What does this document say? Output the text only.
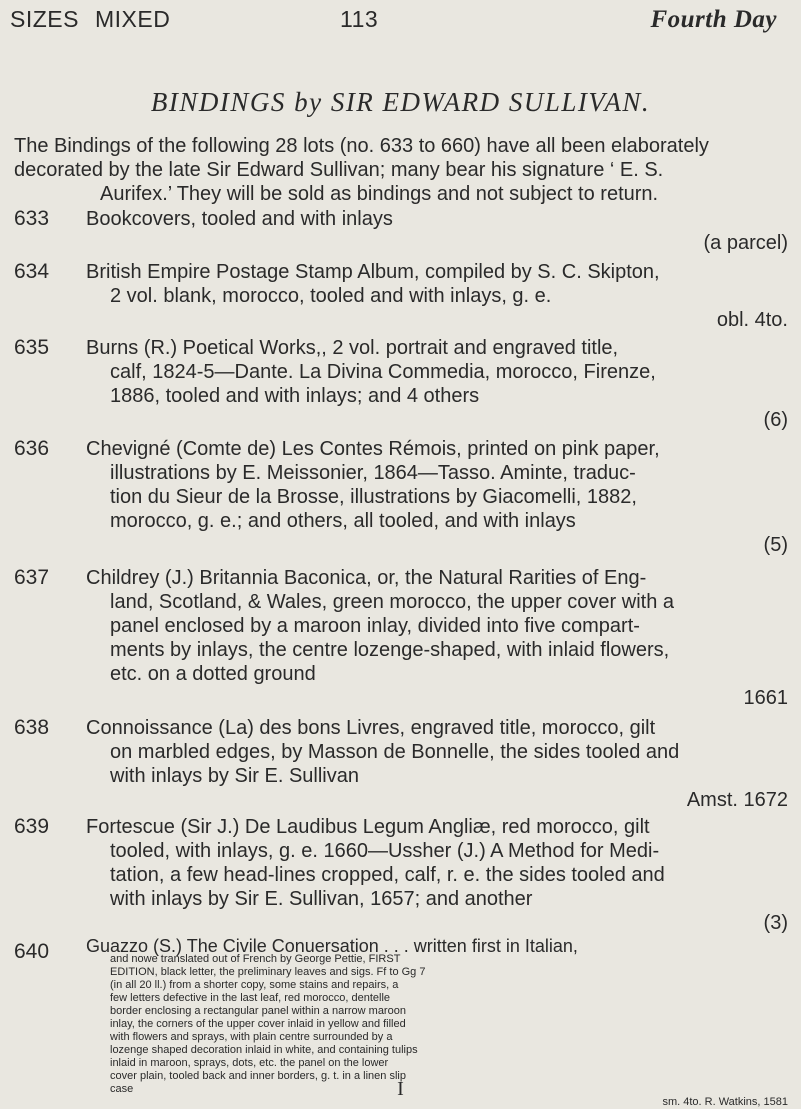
SIZES MIXED	113	Fourth Day
BINDINGS by SIR EDWARD SULLIVAN.
The Bindings of the following 28 lots (no. 633 to 660) have all been elaborately
decorated by the late Sir Edward Sullivan; many bear his signature ‘ E. S.
Aurifex.’ They will be sold as bindings and not subject to return.
633	Bookcovers, tooled and with inlays
(a parcel)
634	British Empire Postage Stamp Album, compiled by S. C. Skipton,
2 vol. blank, morocco, tooled and with inlays, g. e.
obl. 4to.
635	Burns (R.) Poetical Works,, 2 vol. portrait and engraved title,
calf, 1824-5—Dante. La Divina Commedia, morocco, Firenze,
1886, tooled and with inlays; and 4 others
(6)
636	Chevigné (Comte de) Les Contes Rémois, printed on pink paper,
illustrations by E. Meissonier, 1864—Tasso. Aminte, traduc-
tion du Sieur de la Brosse, illustrations by Giacomelli, 1882,
morocco, g. e.; and others, all tooled, and with inlays
(5)
637	Childrey (J.) Britannia Baconica, or, the Natural Rarities of Eng-
land, Scotland, & Wales, green morocco, the upper cover with a
panel enclosed by a maroon inlay, divided into five compart-
ments by inlays, the centre lozenge-shaped, with inlaid flowers,
etc. on a dotted ground
1661
638	Connoissance (La) des bons Livres, engraved title, morocco, gilt
on marbled edges, by Masson de Bonnelle, the sides tooled and
with inlays by Sir E. Sullivan
Amst. 1672
639	Fortescue (Sir J.) De Laudibus Legum Angliæ, red morocco, gilt
tooled, with inlays, g. e. 1660—Ussher (J.) A Method for Medi-
tation, a few head-lines cropped, calf, r. e. the sides tooled and
with inlays by Sir E. Sullivan, 1657; and another
(3)
640	Guazzo (S.) The Civile Conuersation . . . written first in Italian,
and nowe translated out of French by George Pettie, FIRST
EDITION, black letter, the preliminary leaves and sigs. Ff to Gg 7
(in all 20 ll.) from a shorter copy, some stains and repairs, a
few letters defective in the last leaf, red morocco, dentelle
border enclosing a rectangular panel within a narrow maroon
inlay, the corners of the upper cover inlaid in yellow and filled
with flowers and sprays, with plain centre surrounded by a
lozenge shaped decoration inlaid in white, and containing tulips
inlaid in maroon, sprays, dots, etc. the panel on the lower
cover plain, tooled back and inner borders, g. t. in a linen slip
case
sm. 4to. R. Watkins, 1581
I
